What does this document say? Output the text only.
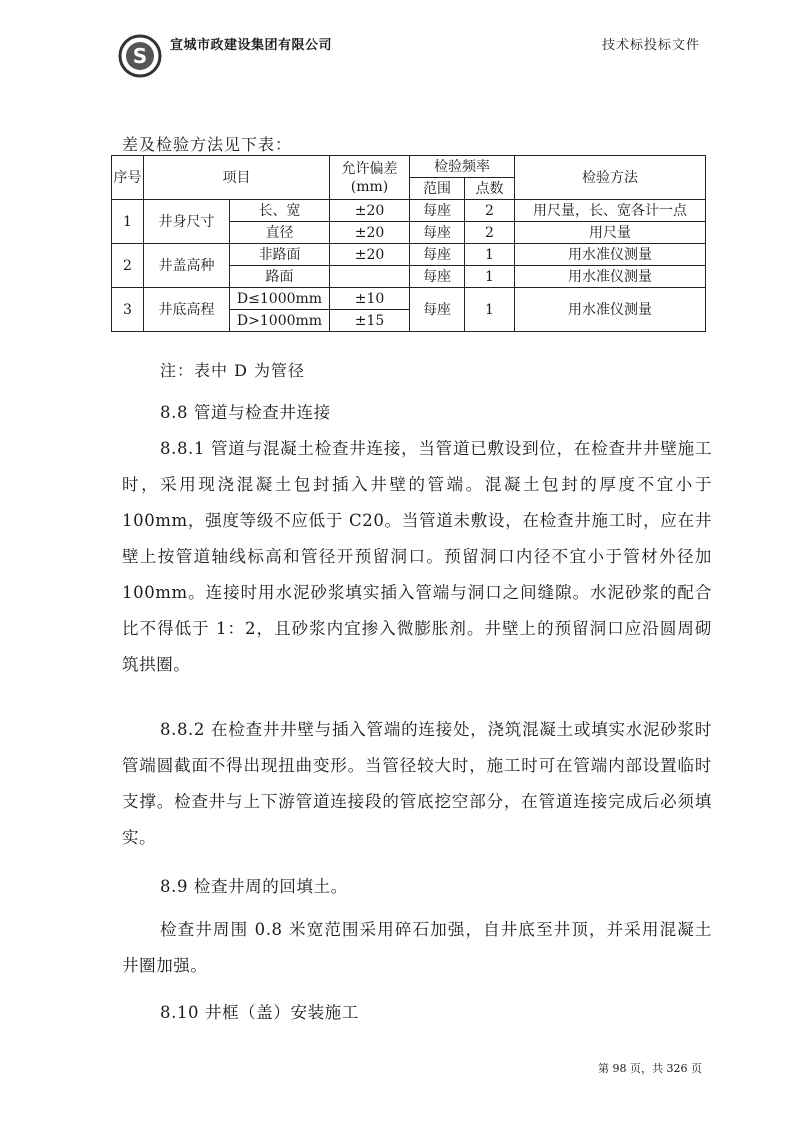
S 宣城市政建设集团有限公司	技术标投标文件
差及检验方法见下表：
序号	项目		允许偏差(mm)	检验频率		检验方法
				范围	点数	
1	井身尺寸	长、宽	±20	每座	2	用尺量，长、宽各计一点
		直径	±20	每座	2	用尺量
2	井盖高种	非路面	±20	每座	1	用水准仪测量
		路面		每座	1	用水准仪测量
3	井底高程	D≤1000mm	±10	每座	1	用水准仪测量
		D>1000mm	±15			
注：表中 D 为管径
8.8 管道与检查井连接
8.8.1 管道与混凝土检查井连接，当管道已敷设到位，在检查井井壁施工时，采用现浇混凝土包封插入井壁的管端。混凝土包封的厚度不宜小于 100mm，强度等级不应低于 C20。当管道未敷设，在检查井施工时，应在井壁上按管道轴线标高和管径开预留洞口。预留洞口内径不宜小于管材外径加 100mm。连接时用水泥砂浆填实插入管端与洞口之间缝隙。水泥砂浆的配合比不得低于 1：2，且砂浆内宜掺入微膨胀剂。井壁上的预留洞口应沿圆周砌筑拱圈。
8.8.2 在检查井井壁与插入管端的连接处，浇筑混凝土或填实水泥砂浆时管端圆截面不得出现扭曲变形。当管径较大时，施工时可在管端内部设置临时支撑。检查井与上下游管道连接段的管底挖空部分，在管道连接完成后必须填实。
8.9 检查井周的回填土。
检查井周围 0.8 米宽范围采用碎石加强，自井底至井顶，并采用混凝土井圈加强。
8.10 井框（盖）安装施工
第 98 页，共 326 页
